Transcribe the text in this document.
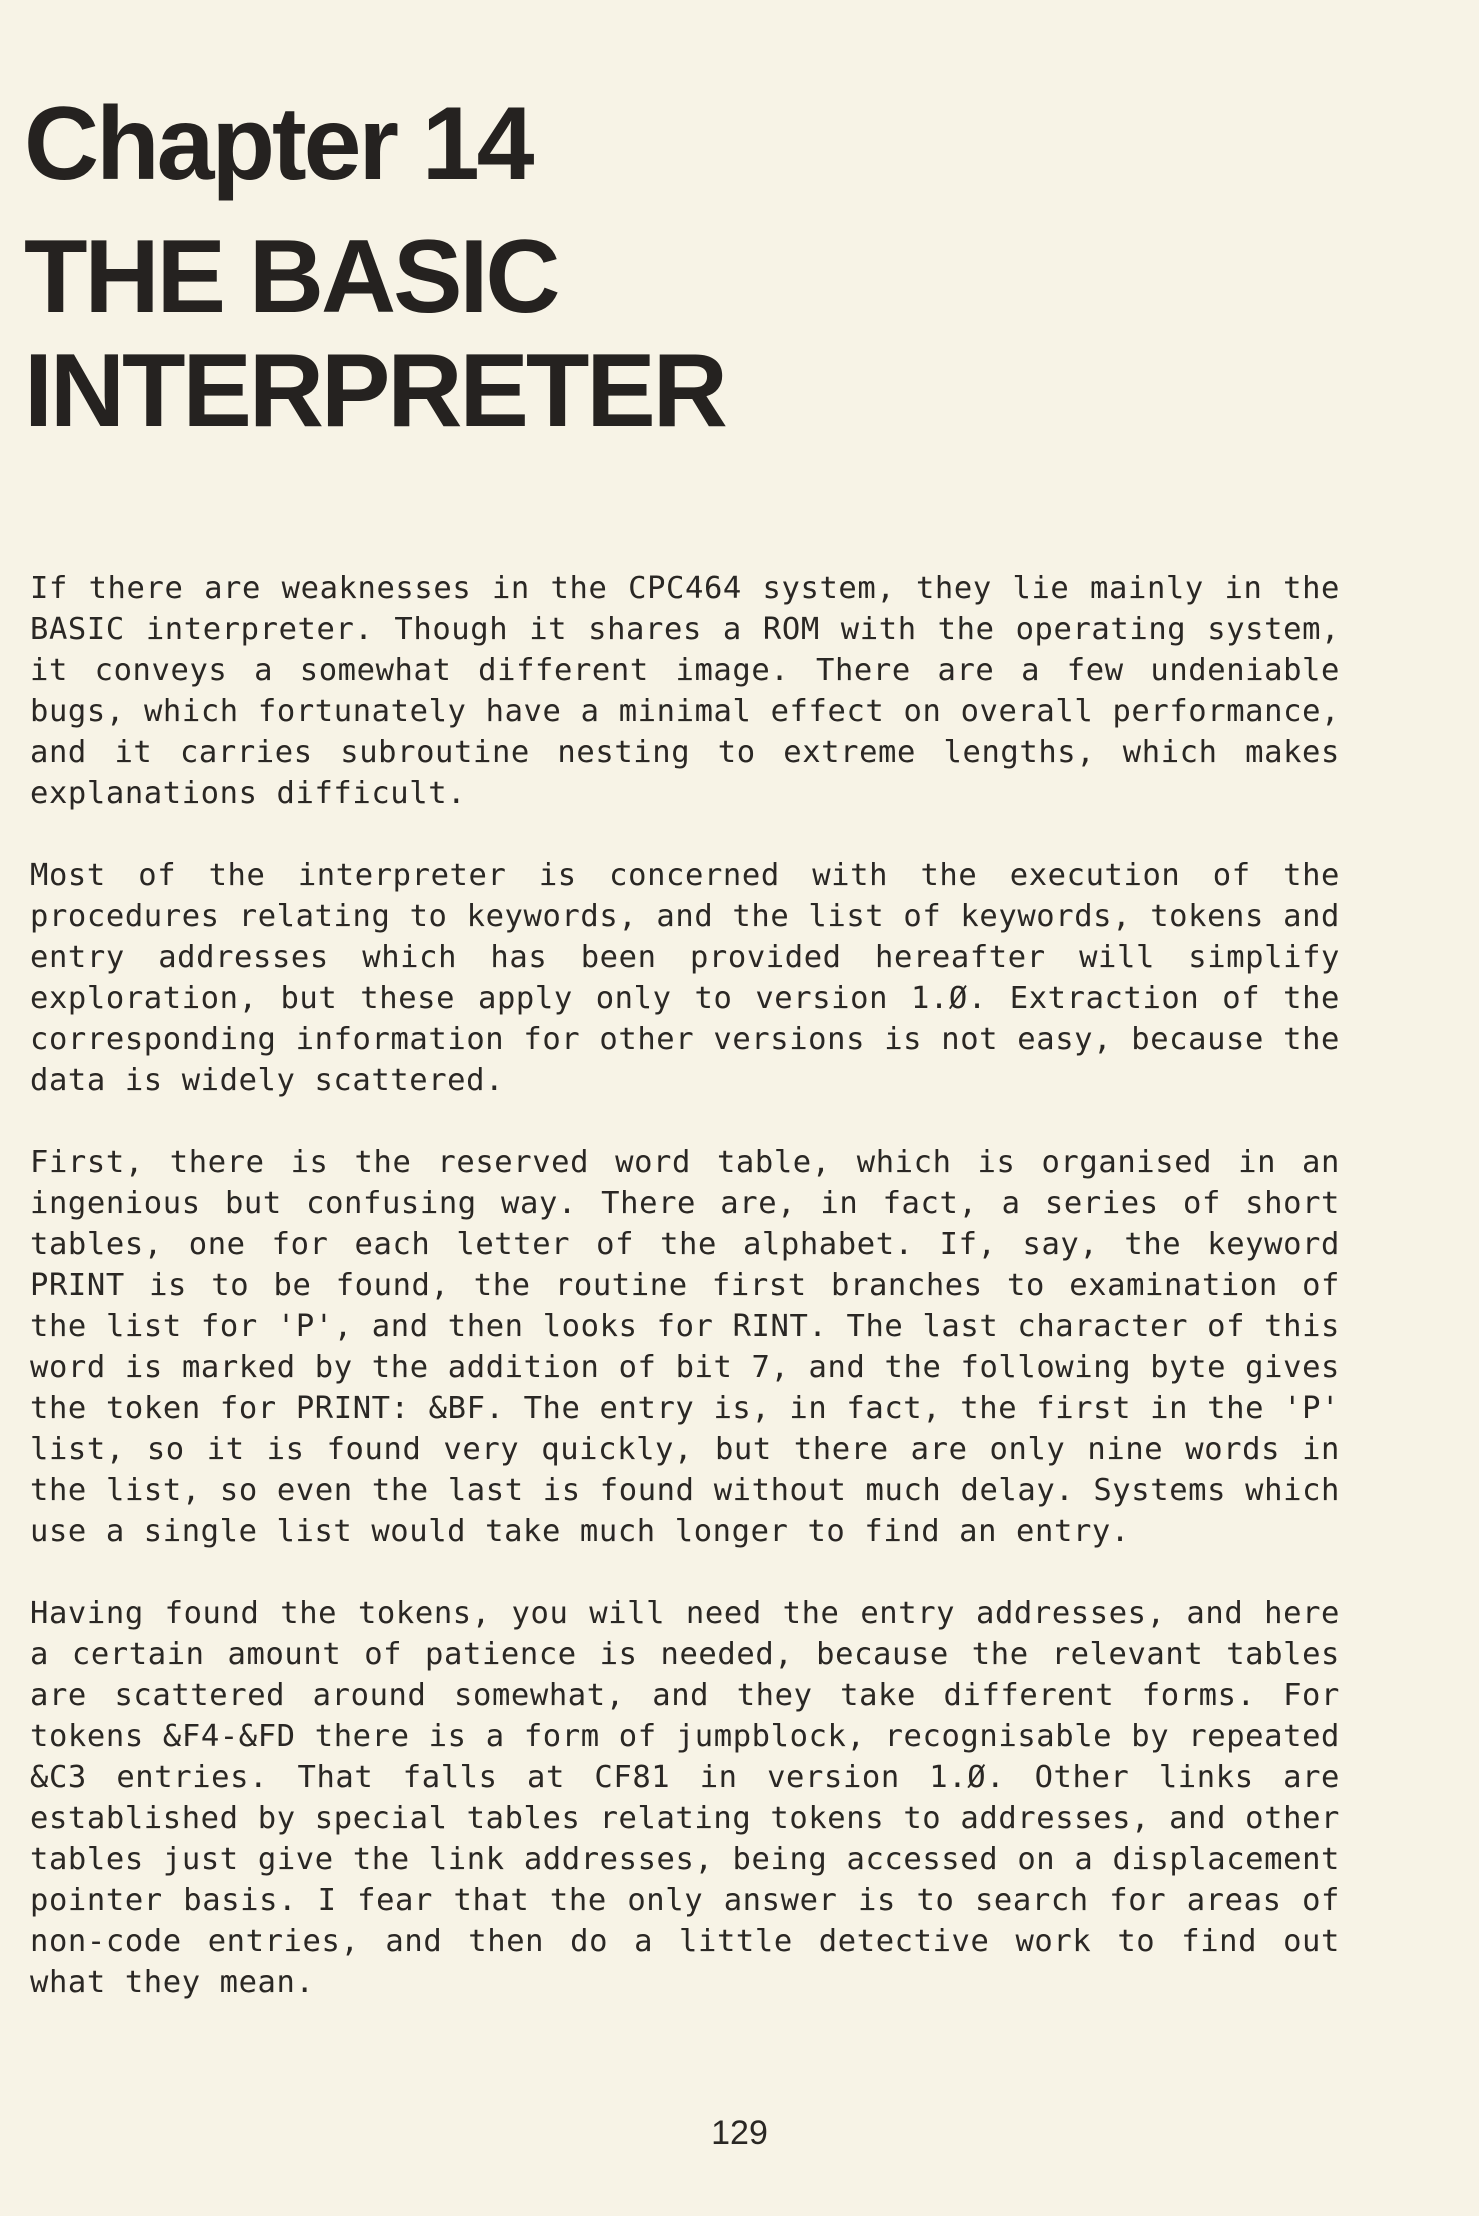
Chapter 14
THE BASIC
INTERPRETER

If there are weaknesses in the CPC464 system, they lie mainly in the BASIC interpreter. Though it shares a ROM with the operating system, it conveys a somewhat different image. There are a few undeniable bugs, which fortunately have a minimal effect on overall performance, and it carries subroutine nesting to extreme lengths, which makes explanations difficult.

Most of the interpreter is concerned with the execution of the procedures relating to keywords, and the list of keywords, tokens and entry addresses which has been provided hereafter will simplify exploration, but these apply only to version 1.Ø. Extraction of the corresponding information for other versions is not easy, because the data is widely scattered.

First, there is the reserved word table, which is organised in an ingenious but confusing way. There are, in fact, a series of short tables, one for each letter of the alphabet. If, say, the keyword PRINT is to be found, the routine first branches to examination of the list for 'P', and then looks for RINT. The last character of this word is marked by the addition of bit 7, and the following byte gives the token for PRINT: &BF. The entry is, in fact, the first in the 'P' list, so it is found very quickly, but there are only nine words in the list, so even the last is found without much delay. Systems which use a single list would take much longer to find an entry.

Having found the tokens, you will need the entry addresses, and here a certain amount of patience is needed, because the relevant tables are scattered around somewhat, and they take different forms. For tokens &F4-&FD there is a form of jumpblock, recognisable by repeated &C3 entries. That falls at CF81 in version 1.Ø. Other links are established by special tables relating tokens to addresses, and other tables just give the link addresses, being accessed on a displacement pointer basis. I fear that the only answer is to search for areas of non-code entries, and then do a little detective work to find out what they mean.

129
